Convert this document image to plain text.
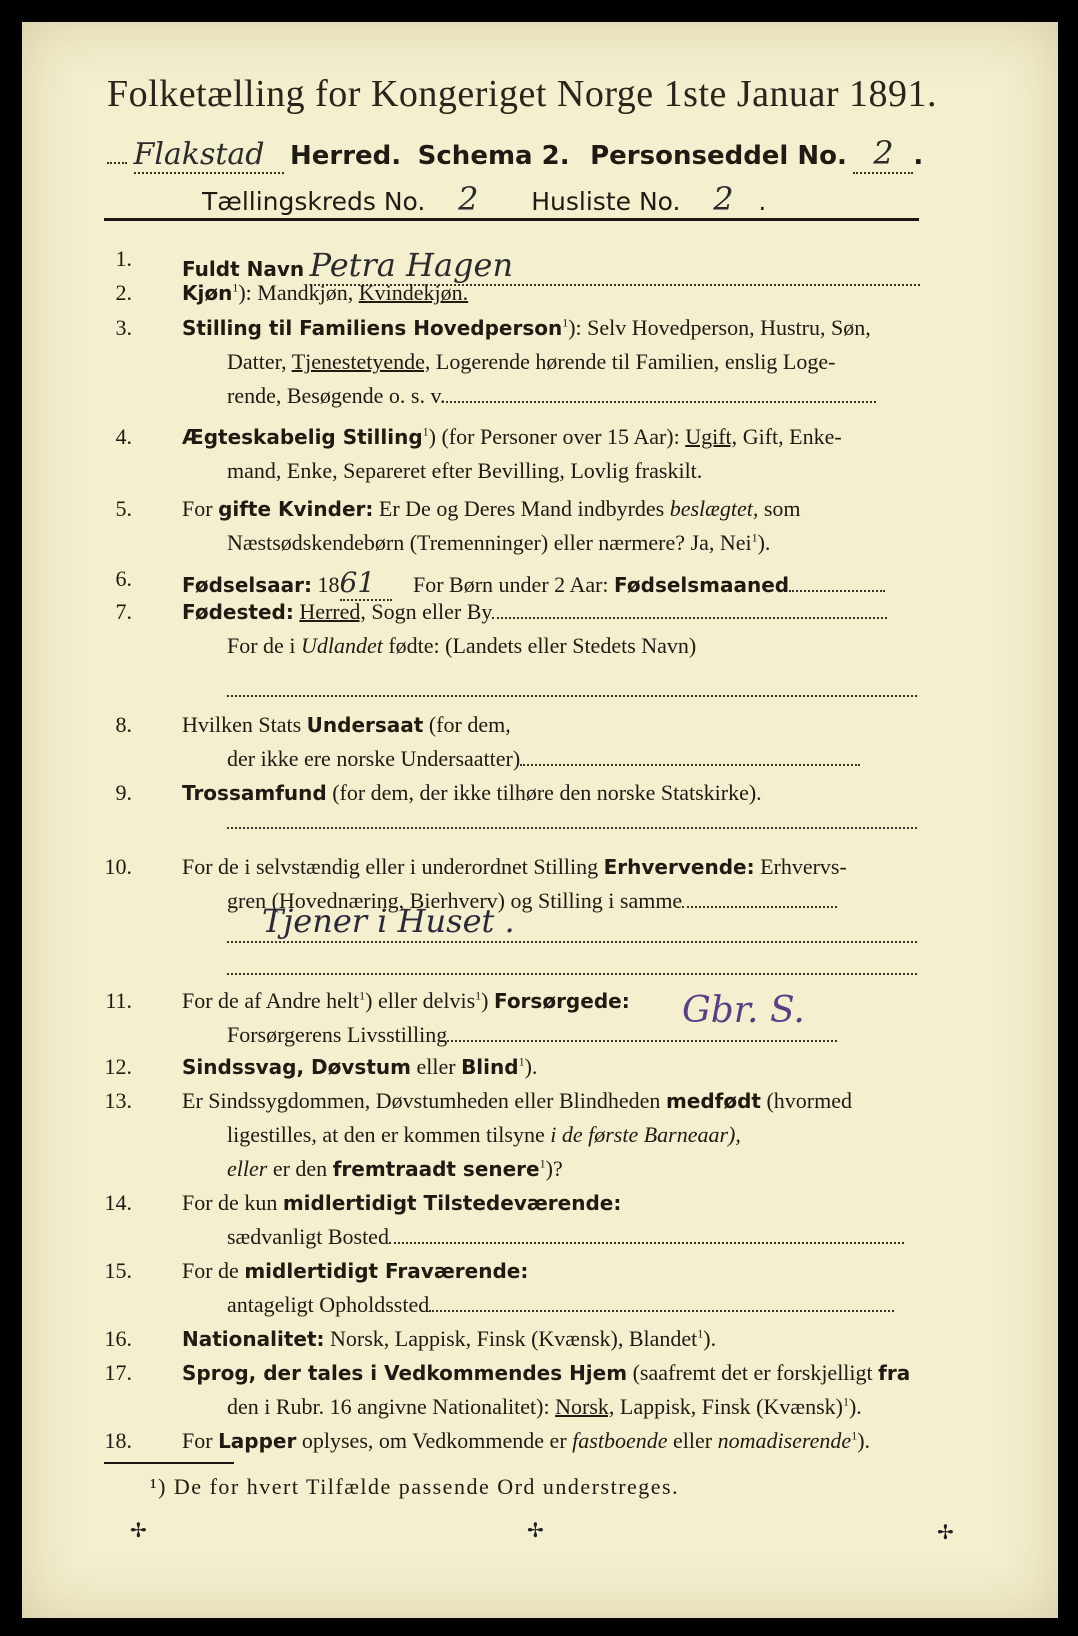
Folketælling for Kongeriget Norge 1ste Januar 1891.
Flakstad Herred. Schema 2. Personseddel No. 2 .
Tællingskreds No. 2 Husliste No. 2 .
1.	Fuldt Navn Petra Hagen
2.	Kjøn$^1$): Mandkjøn, Kvindekjøn.
3.	Stilling til Familiens Hovedperson$^1$): Selv Hovedperson, Hustru, Søn,
Datter, Tjenestetyende, Logerende hørende til Familien, enslig Loge-
rende, Besøgende o. s. v.
4.	Ægteskabelig Stilling$^1$) (for Personer over 15 Aar): Ugift, Gift, Enke-
mand, Enke, Separeret efter Bevilling, Lovlig fraskilt.
5. For gifte Kvinder: Er De og Deres Mand indbyrdes beslægtet, som
Næstsødskendebørn (Tremenninger) eller nærmere? Ja, Nei$^1$).
6.	Fødselsaar: 1861 For Børn under 2 Aar: Fødselsmaaned
7.	Fødested: Herred, Sogn eller By
For de i Udlandet fødte: (Landets eller Stedets Navn)
8. Hvilken Stats Undersaat (for dem,
der ikke ere norske Undersaatter)
9.	Trossamfund (for dem, der ikke tilhøre den norske Statskirke).
10. For de i selvstændig eller i underordnet Stilling Erhvervende: Erhvervs-
gren (Hovednæring, Bierhverv) og Stilling i samme
Tjener i Huset .
11. For de af Andre helt$^1$) eller delvis$^1$) Forsørgede:
Forsørgerens Livsstilling
Gbr. S.
12.	Sindssvag, Døvstum eller Blind$^1$).
13. Er Sindssygdommen, Døvstumheden eller Blindheden medfødt (hvormed
ligestilles, at den er kommen tilsyne i de første Barneaar),
eller er den fremtraadt senere$^1$)?
14. For de kun midlertidigt Tilstedeværende:
sædvanligt Bosted
15. For de midlertidigt Fraværende:
antageligt Opholdssted
16.	Nationalitet: Norsk, Lappisk, Finsk (Kvænsk), Blandet$^1$).
17.	Sprog, der tales i Vedkommendes Hjem (saafremt det er forskjelligt fra
den i Rubr. 16 angivne Nationalitet): Norsk, Lappisk, Finsk (Kvænsk)$^1$).
18. For Lapper oplyses, om Vedkommende er fastboende eller nomadiserende$^1$).
¹) De for hvert Tilfælde passende Ord understreges.
✢	✢	✢
